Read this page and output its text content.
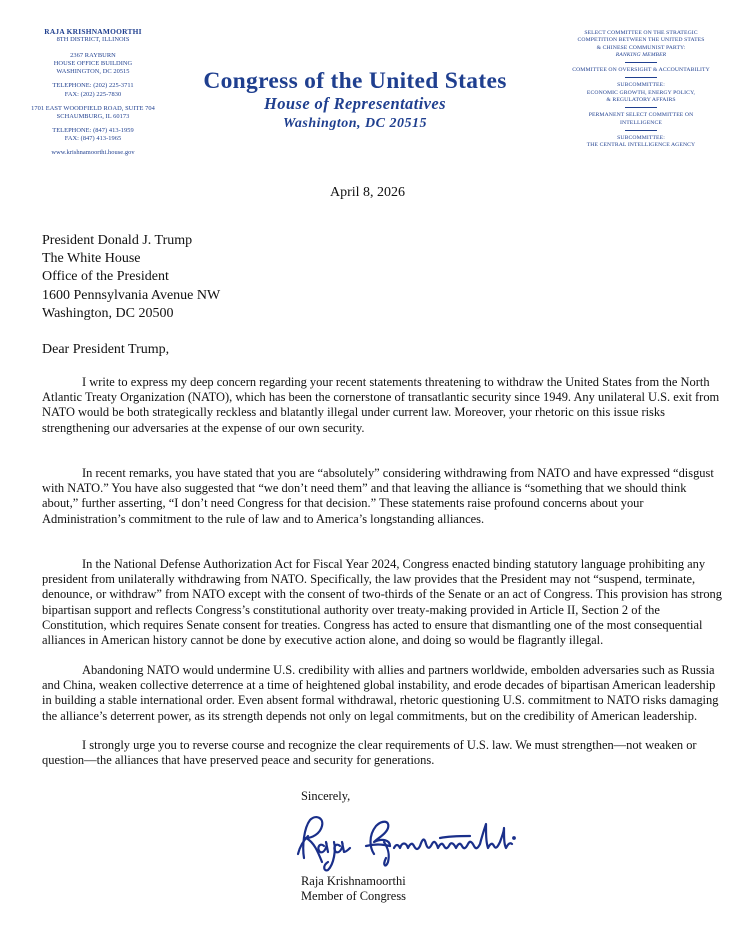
RAJA KRISHNAMOORTHI
8TH DISTRICT, ILLINOIS
2367 RAYBURN
HOUSE OFFICE BUILDING
WASHINGTON, DC 20515
TELEPHONE: (202) 225-3711
FAX: (202) 225-7830
1701 EAST WOODFIELD ROAD, SUITE 704
SCHAUMBURG, IL 60173
TELEPHONE: (847) 413-1959
FAX: (847) 413-1965
www.krishnamoorthi.house.gov
Congress of the United States
House of Representatives
Washington, DC 20515
SELECT COMMITTEE ON THE STRATEGIC
COMPETITION BETWEEN THE UNITED STATES
& CHINESE COMMUNIST PARTY:
RANKING MEMBER
COMMITTEE ON OVERSIGHT & ACCOUNTABILITY
SUBCOMMITTEE:
ECONOMIC GROWTH, ENERGY POLICY,
& REGULATORY AFFAIRS
PERMANENT SELECT COMMITTEE ON
INTELLIGENCE
SUBCOMMITTEE:
THE CENTRAL INTELLIGENCE AGENCY
April 8, 2026
President Donald J. Trump
The White House
Office of the President
1600 Pennsylvania Avenue NW
Washington, DC 20500
Dear President Trump,

I write to express my deep concern regarding your recent statements threatening to withdraw the United States from the North Atlantic Treaty Organization (NATO), which has been the cornerstone of transatlantic security since 1949. Any unilateral U.S. exit from NATO would be both strategically reckless and blatantly illegal under current law. Moreover, your rhetoric on this issue risks strengthening our adversaries at the expense of our own security.

In recent remarks, you have stated that you are “absolutely” considering withdrawing from NATO and have expressed “disgust with NATO.” You have also suggested that “we don’t need them” and that leaving the alliance is “something that we should think about,” further asserting, “I don’t need Congress for that decision.” These statements raise profound concerns about your Administration’s commitment to the rule of law and to America’s longstanding alliances.

In the National Defense Authorization Act for Fiscal Year 2024, Congress enacted binding statutory language prohibiting any president from unilaterally withdrawing from NATO. Specifically, the law provides that the President may not “suspend, terminate, denounce, or withdraw” from NATO except with the consent of two-thirds of the Senate or an act of Congress. This provision has strong bipartisan support and reflects Congress’s constitutional authority over treaty-making provided in Article II, Section 2 of the Constitution, which requires Senate consent for treaties. Congress has acted to ensure that dismantling one of the most consequential alliances in American history cannot be done by executive action alone, and doing so would be flagrantly illegal.

Abandoning NATO would undermine U.S. credibility with allies and partners worldwide, embolden adversaries such as Russia and China, weaken collective deterrence at a time of heightened global instability, and erode decades of bipartisan American leadership in building a stable international order. Even absent formal withdrawal, rhetoric questioning U.S. commitment to NATO risks damaging the alliance’s deterrent power, as its strength depends not only on legal commitments, but on the credibility of American leadership.

I strongly urge you to reverse course and recognize the clear requirements of U.S. law. We must strengthen—not weaken or question—the alliances that have preserved peace and security for generations.

Sincerely,
Raja Krishnamoorthi
Member of Congress
